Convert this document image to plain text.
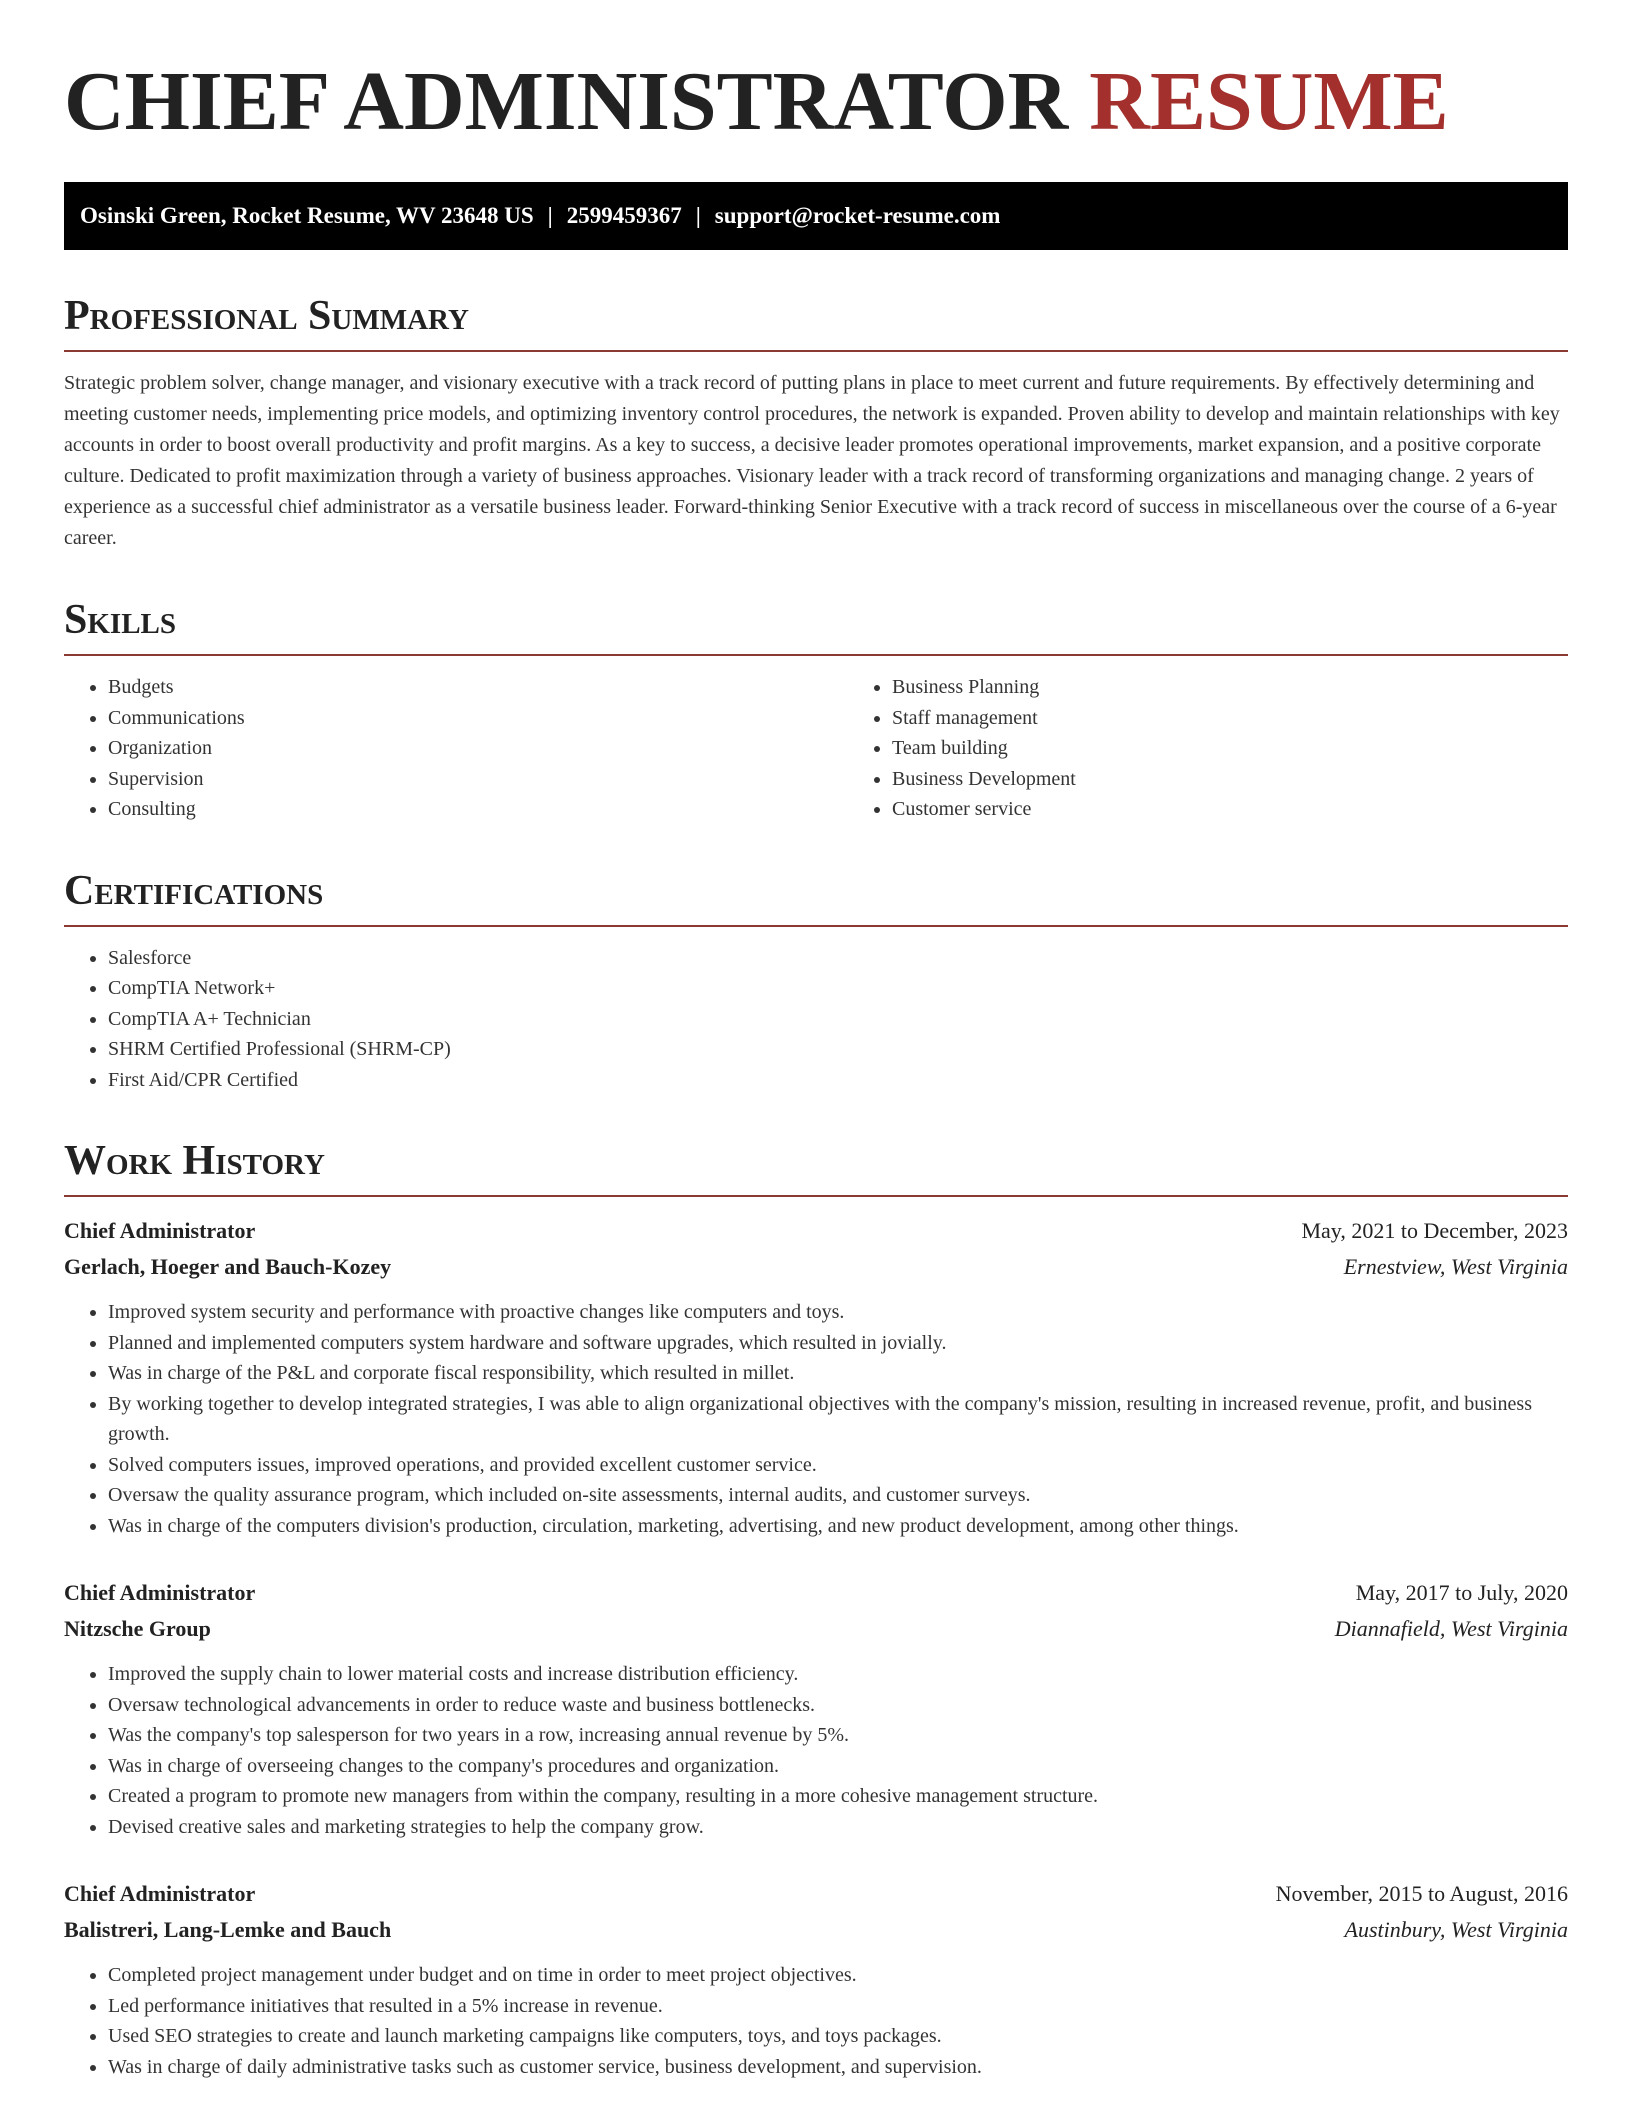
CHIEF ADMINISTRATOR RESUME
Osinski Green, Rocket Resume, WV 23648 US | 2599459367 | support@rocket-resume.com
Professional Summary

Strategic problem solver, change manager, and visionary executive with a track record of putting plans in place to meet current and future requirements. By effectively determining and meeting customer needs, implementing price models, and optimizing inventory control procedures, the network is expanded. Proven ability to develop and maintain relationships with key accounts in order to boost overall productivity and profit margins. As a key to success, a decisive leader promotes operational improvements, market expansion, and a positive corporate culture. Dedicated to profit maximization through a variety of business approaches. Visionary leader with a track record of transforming organizations and managing change. 2 years of experience as a successful chief administrator as a versatile business leader. Forward-thinking Senior Executive with a track record of success in miscellaneous over the course of a 6-year career.

Skills
• Budgets
• Communications
• Organization
• Supervision
• Consulting
• Business Planning
• Staff management
• Team building
• Business Development
• Customer service
Certifications
• Salesforce
• CompTIA Network+
• CompTIA A+ Technician
• SHRM Certified Professional (SHRM-CP)
• First Aid/CPR Certified
Work History
Chief Administrator	May, 2021 to December, 2023
Gerlach, Hoeger and Bauch-Kozey	Ernestview, West Virginia
• Improved system security and performance with proactive changes like computers and toys.
• Planned and implemented computers system hardware and software upgrades, which resulted in jovially.
• Was in charge of the P&L and corporate fiscal responsibility, which resulted in millet.
• By working together to develop integrated strategies, I was able to align organizational objectives with the company's mission, resulting in increased revenue, profit, and business growth.
• Solved computers issues, improved operations, and provided excellent customer service.
• Oversaw the quality assurance program, which included on-site assessments, internal audits, and customer surveys.
• Was in charge of the computers division's production, circulation, marketing, advertising, and new product development, among other things.
Chief Administrator	May, 2017 to July, 2020
Nitzsche Group	Diannafield, West Virginia
• Improved the supply chain to lower material costs and increase distribution efficiency.
• Oversaw technological advancements in order to reduce waste and business bottlenecks.
• Was the company's top salesperson for two years in a row, increasing annual revenue by 5%.
• Was in charge of overseeing changes to the company's procedures and organization.
• Created a program to promote new managers from within the company, resulting in a more cohesive management structure.
• Devised creative sales and marketing strategies to help the company grow.
Chief Administrator	November, 2015 to August, 2016
Balistreri, Lang-Lemke and Bauch	Austinbury, West Virginia
• Completed project management under budget and on time in order to meet project objectives.
• Led performance initiatives that resulted in a 5% increase in revenue.
• Used SEO strategies to create and launch marketing campaigns like computers, toys, and toys packages.
• Was in charge of daily administrative tasks such as customer service, business development, and supervision.
